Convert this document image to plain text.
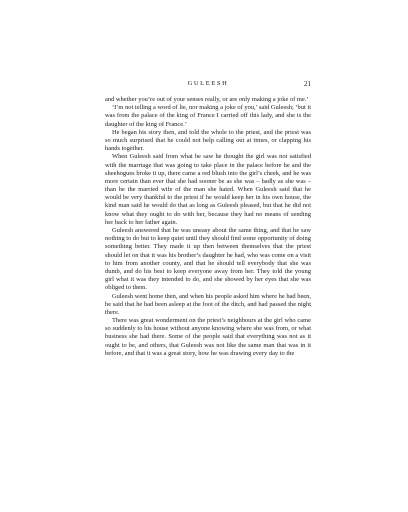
GULEESH	21

and whether you’re out of your senses really, or are only making a joke of me.’

‘I’m not telling a word of lie, nor making a joke of you,’ said Guleesh; ‘but it was from the palace of the king of France I carried off this lady, and she is the daughter of the king of France.’

He began his story then, and told the whole to the priest, and the priest was so much surprised that he could not help calling out at times, or clapping his hands together.

When Guleesh said from what he saw he thought the girl was not satisfied with the marriage that was going to take place in the palace before he and the sheehogues broke it up, there came a red blush into the girl’s cheek, and he was more certain than ever that she had sooner be as she was – badly as she was – than be the married wife of the man she hated. When Guleesh said that he would be very thankful to the priest if he would keep her in his own house, the kind man said he would do that as long as Guleesh pleased, but that he did not know what they ought to do with her, because they had no means of sending her back to her father again.

Guleesh answered that he was uneasy about the same thing, and that he saw nothing to do but to keep quiet until they should find some opportunity of doing something better. They made it up then between themselves that the priest should let on that it was his brother’s daughter he had, who was come on a visit to him from another county, and that he should tell everybody that she was dumb, and do his best to keep everyone away from her. They told the young girl what it was they intended to do, and she showed by her eyes that she was obliged to them.

Guleesh went home then, and when his people asked him where he had been, he said that he had been asleep at the foot of the ditch, and had passed the night there.

There was great wonderment on the priest’s neighbours at the girl who came so suddenly to his house without anyone knowing where she was from, or what business she had there. Some of the people said that everything was not as it ought to be, and others, that Guleesh was not like the same man that was in it before, and that it was a great story, how he was drawing every day to the
